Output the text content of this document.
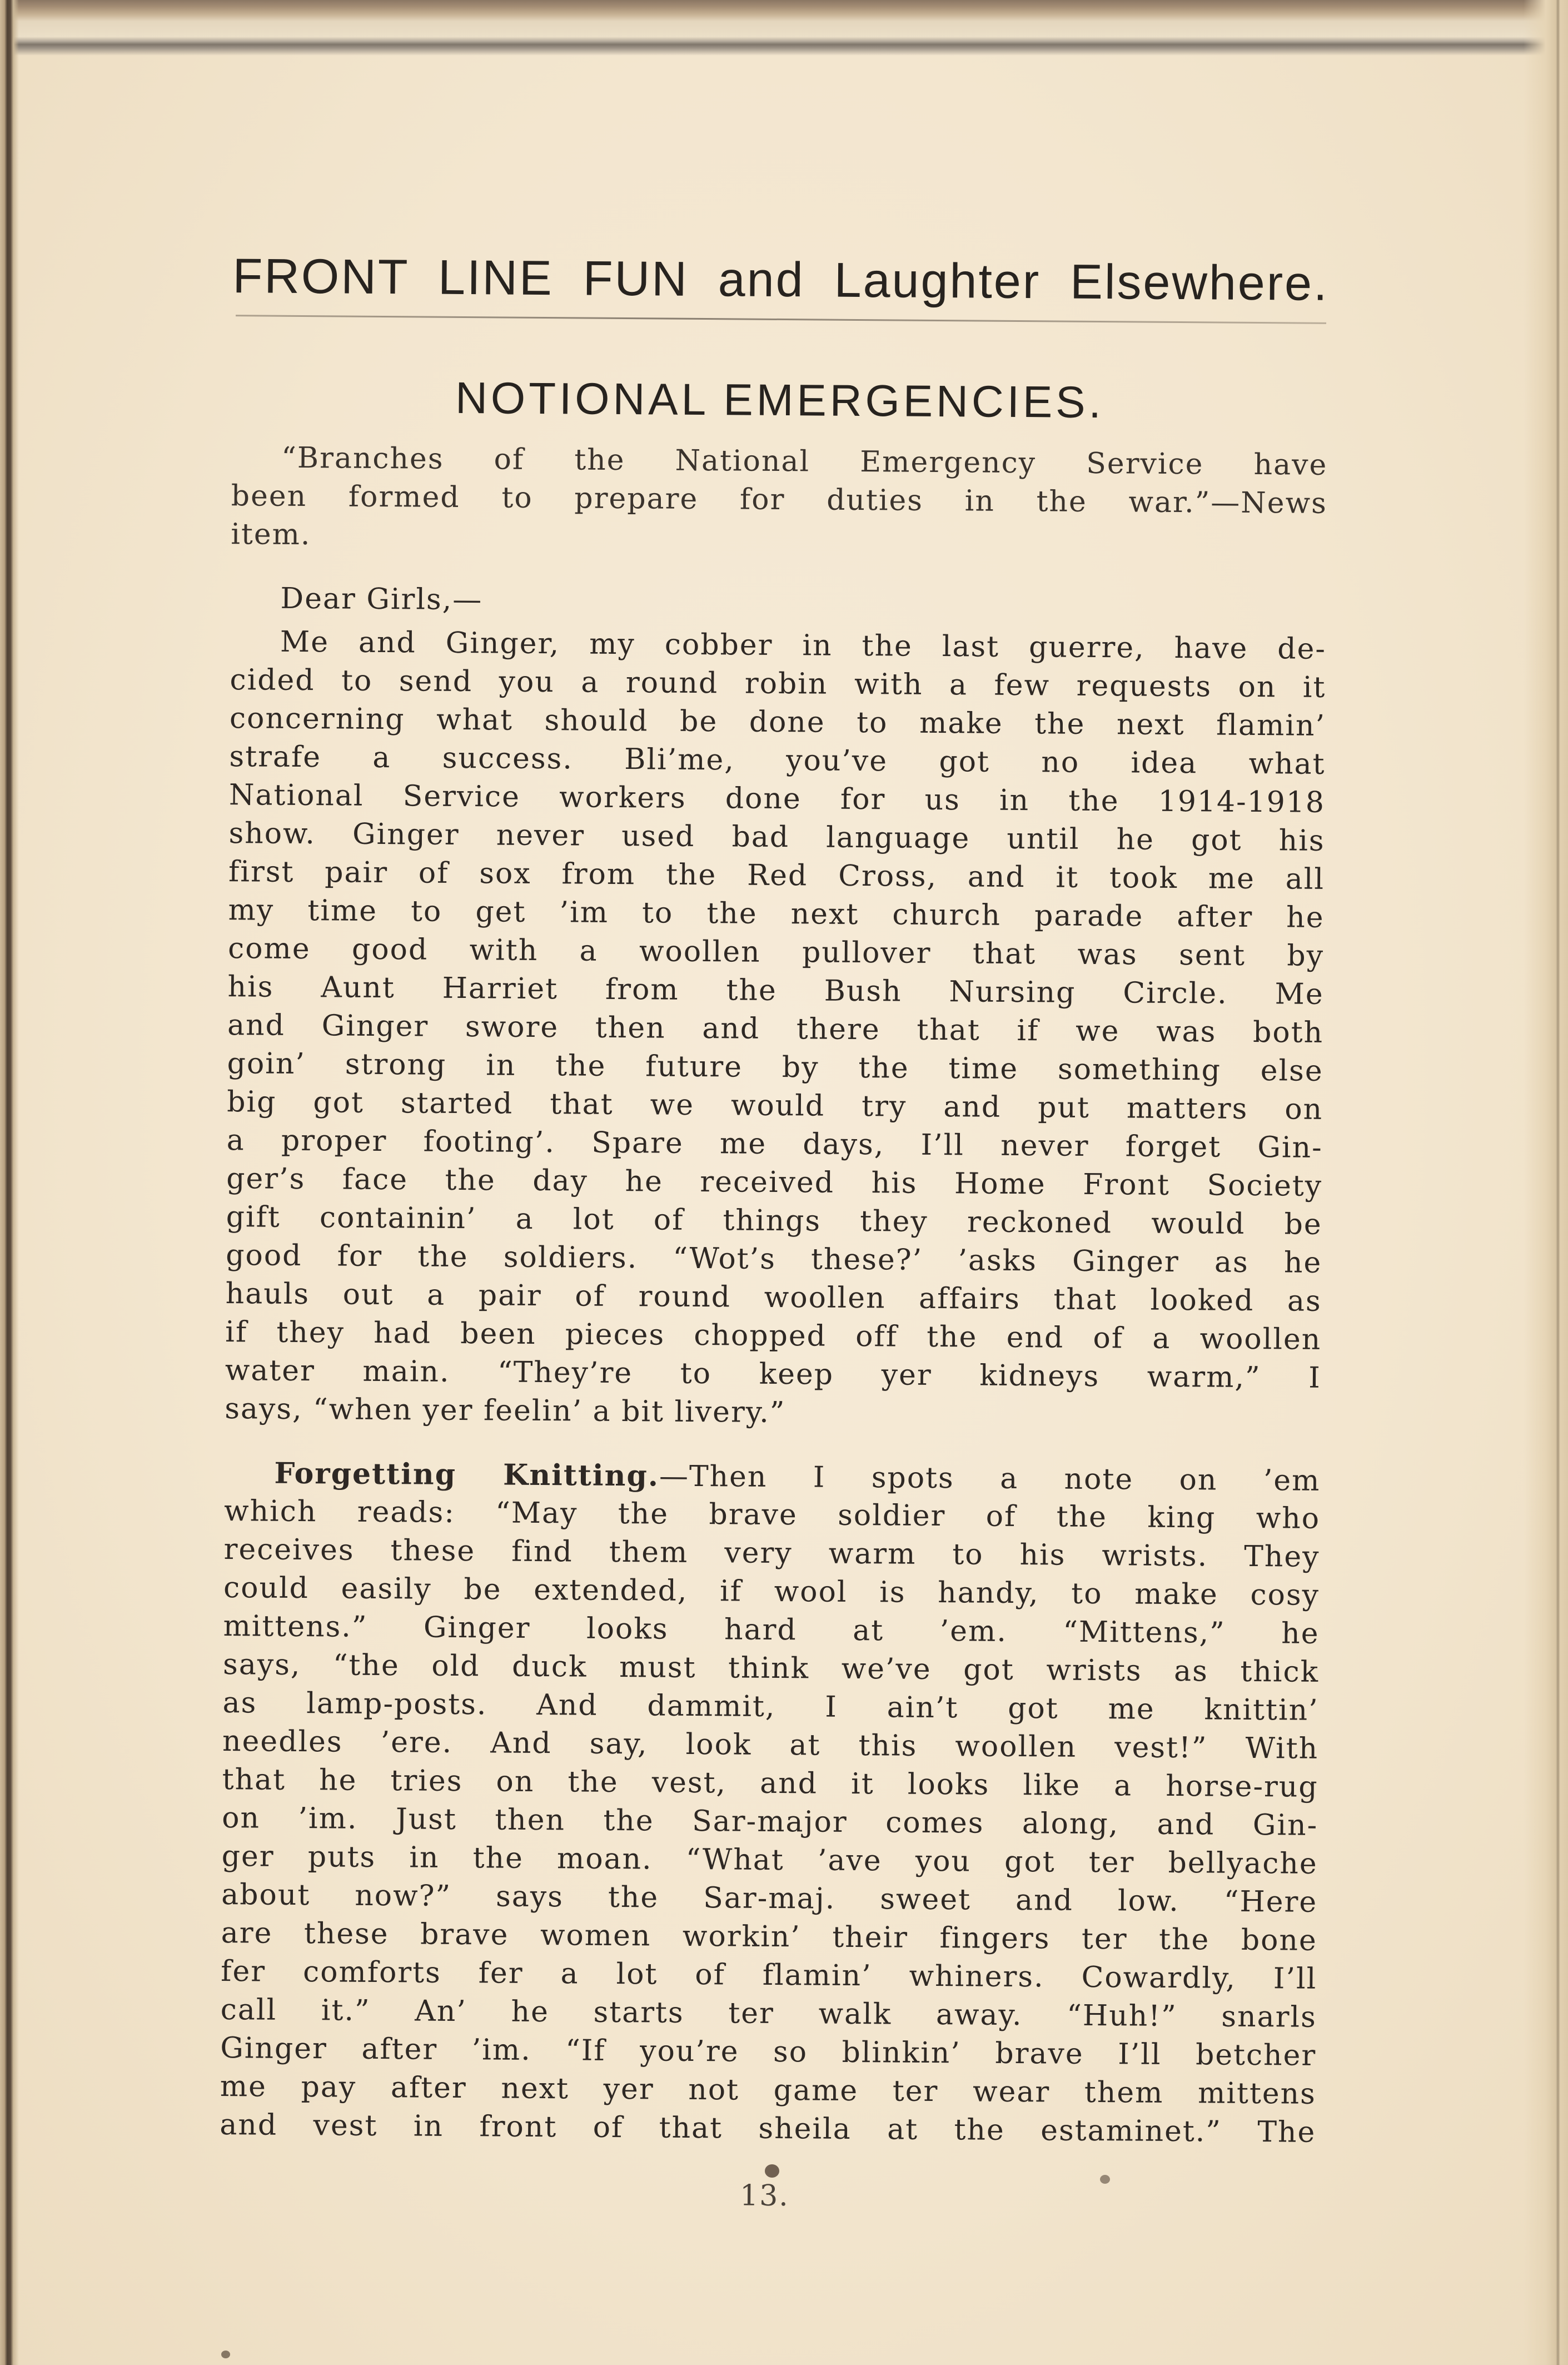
FRONT LINE FUN and Laughter Elsewhere.
NOTIONAL EMERGENCIES.
“Branches of the National Emergency Service have
been formed to prepare for duties in the war.”—News
item.
Dear Girls,—
Me and Ginger, my cobber in the last guerre, have de-
cided to send you a round robin with a few requests on it
concerning what should be done to make the next flamin’
strafe a success. Bli’me, you’ve got no idea what
National Service workers done for us in the 1914-1918
show. Ginger never used bad language until he got his
first pair of sox from the Red Cross, and it took me all
my time to get ’im to the next church parade after he
come good with a woollen pullover that was sent by
his Aunt Harriet from the Bush Nursing Circle. Me
and Ginger swore then and there that if we was both
goin’ strong in the future by the time something else
big got started that we would try and put matters on
a proper footing’. Spare me days, I’ll never forget Gin-
ger’s face the day he received his Home Front Society
gift containin’ a lot of things they reckoned would be
good for the soldiers. “Wot’s these?’ ’asks Ginger as he
hauls out a pair of round woollen affairs that looked as
if they had been pieces chopped off the end of a woollen
water main. “They’re to keep yer kidneys warm,” I
says, “when yer feelin’ a bit livery.”
Forgetting Knitting.—Then I spots a note on ’em
which reads: “May the brave soldier of the king who
receives these find them very warm to his wrists. They
could easily be extended, if wool is handy, to make cosy
mittens.” Ginger looks hard at ’em. “Mittens,” he
says, “the old duck must think we’ve got wrists as thick
as lamp-posts. And dammit, I ain’t got me knittin’
needles ’ere. And say, look at this woollen vest!” With
that he tries on the vest, and it looks like a horse-rug
on ’im. Just then the Sar-major comes along, and Gin-
ger puts in the moan. “What ’ave you got ter bellyache
about now?” says the Sar-maj. sweet and low. “Here
are these brave women workin’ their fingers ter the bone
fer comforts fer a lot of flamin’ whiners. Cowardly, I’ll
call it.” An’ he starts ter walk away. “Huh!” snarls
Ginger after ’im. “If you’re so blinkin’ brave I’ll betcher
me pay after next yer not game ter wear them mittens
and vest in front of that sheila at the estaminet.” The
13.
